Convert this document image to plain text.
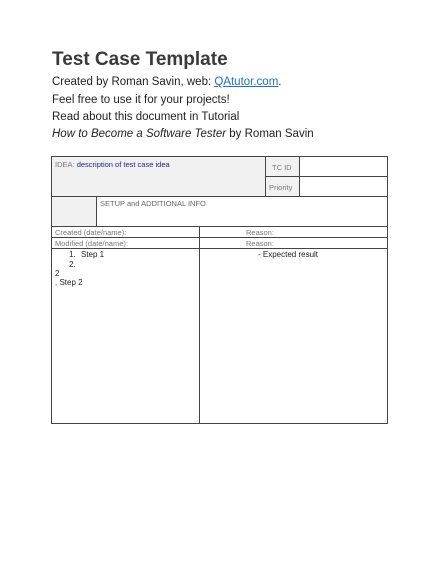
Test Case Template
Created by Roman Savin, web: QAtutor.com.
Feel free to use it for your projects!
Read about this document in Tutorial
How to Become a Software Tester by Roman Savin
IDEA: description of test case idea	TC ID
Priority
SETUP and ADDITIONAL INFO
Created (date/name):	Reason:
Modified (date/name):	Reason:
1. Step 1
2.
2
. Step 2
- Expected result
